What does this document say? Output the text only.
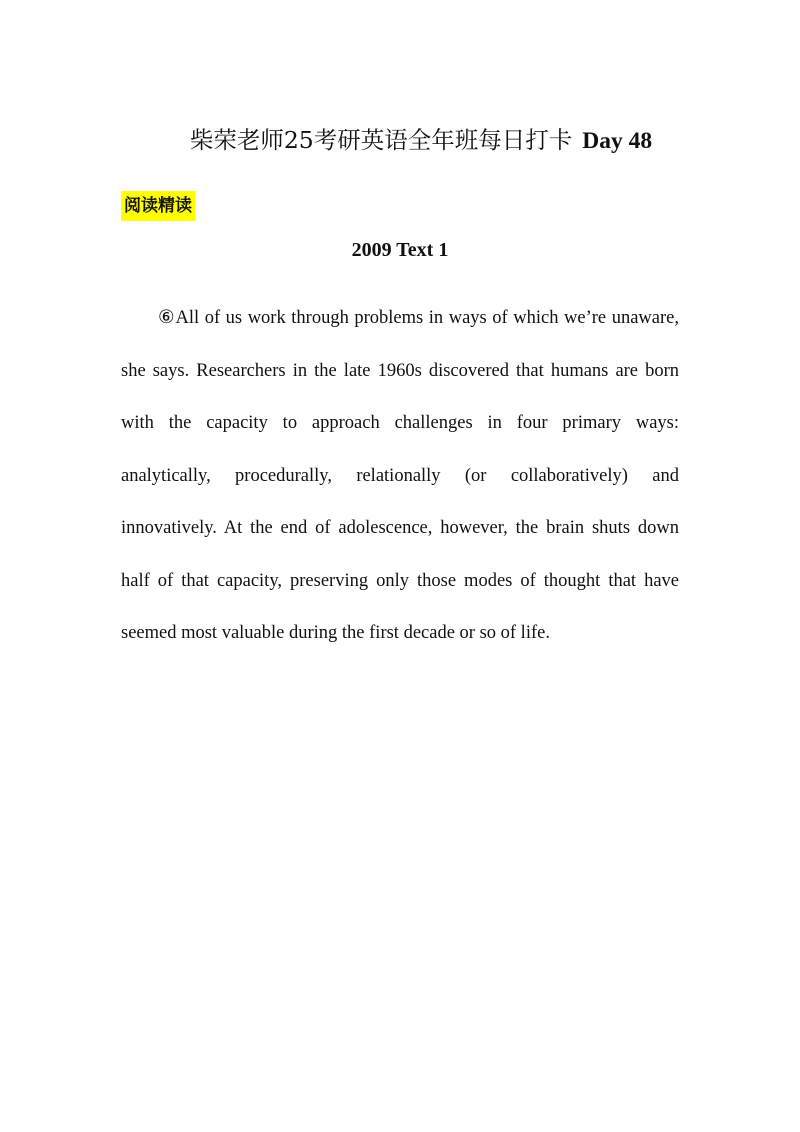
柴荣老师25考研英语全年班每日打卡 Day 48
阅读精读
2009 Text 1
⑥All of us work through problems in ways of which we’re unaware,
she says. Researchers in the late 1960s discovered that humans are born
with the capacity to approach challenges in four primary ways:
analytically, procedurally, relationally (or collaboratively) and
innovatively. At the end of adolescence, however, the brain shuts down
half of that capacity, preserving only those modes of thought that have
seemed most valuable during the first decade or so of life.
